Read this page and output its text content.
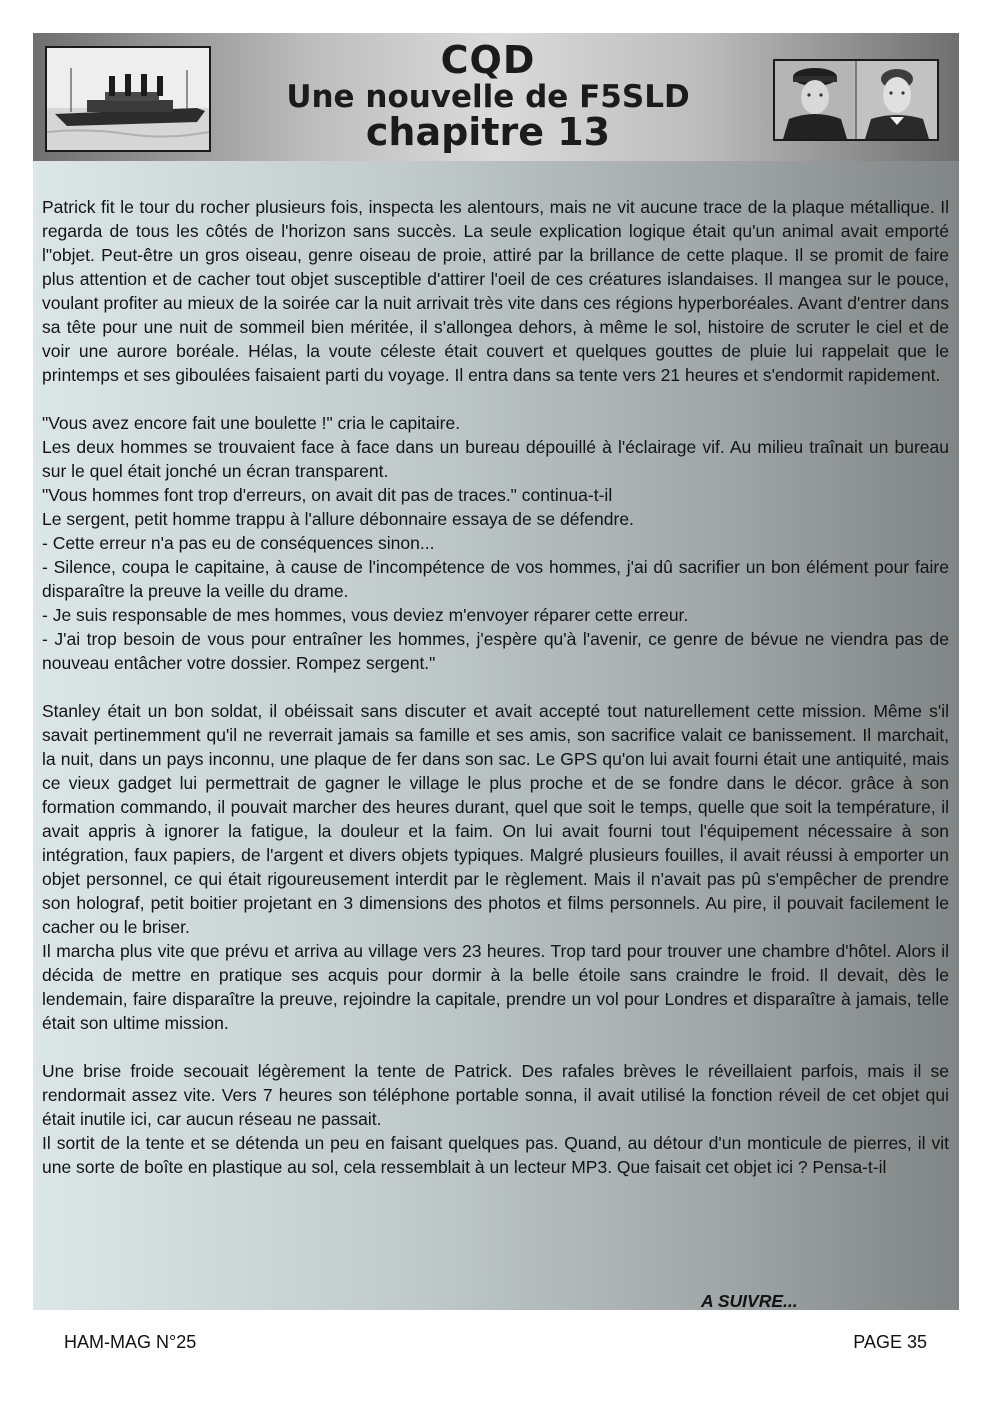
CQD
Une nouvelle de F5SLD
chapitre 13

Patrick fit le tour du rocher plusieurs fois, inspecta les alentours, mais ne vit aucune trace de la plaque métallique. Il regarda de tous les côtés de l'horizon sans succès. La seule explication logique était qu'un animal avait emporté l"objet. Peut-être un gros oiseau, genre oiseau de proie, attiré par la brillance de cette plaque. Il se promit de faire plus attention et de cacher tout objet susceptible d'attirer l'oeil de ces créatures islandaises. Il mangea sur le pouce, voulant profiter au mieux de la soirée car la nuit arrivait très vite dans ces régions hyperboréales. Avant d'entrer dans sa tête pour une nuit de sommeil bien méritée, il s'allongea dehors, à même le sol, histoire de scruter le ciel et de voir une aurore boréale. Hélas, la voute céleste était couvert et quelques gouttes de pluie lui rappelait que le printemps et ses giboulées faisaient parti du voyage. Il entra dans sa tente vers 21 heures et s'endormit rapidement.

"Vous avez encore fait une boulette !" cria le capitaire.
Les deux hommes se trouvaient face à face dans un bureau dépouillé à l'éclairage vif. Au milieu traînait un bureau sur le quel était jonché un écran transparent.
"Vous hommes font trop d'erreurs, on avait dit pas de traces." continua-t-il
Le sergent, petit homme trappu à l'allure débonnaire essaya de se défendre.
- Cette erreur n'a pas eu de conséquences sinon...
- Silence, coupa le capitaine, à cause de l'incompétence de vos hommes, j'ai dû sacrifier un bon élément pour faire disparaître la preuve la veille du drame.
- Je suis responsable de mes hommes, vous deviez m'envoyer réparer cette erreur.
- J'ai trop besoin de vous pour entraîner les hommes, j'espère qu'à l'avenir, ce genre de bévue ne viendra pas de nouveau entâcher votre dossier. Rompez sergent."

Stanley était un bon soldat, il obéissait sans discuter et avait accepté tout naturellement cette mission. Même s'il savait pertinemment qu'il ne reverrait jamais sa famille et ses amis, son sacrifice valait ce banissement. Il marchait, la nuit, dans un pays inconnu, une plaque de fer dans son sac. Le GPS qu'on lui avait fourni était une antiquité, mais ce vieux gadget lui permettrait de gagner le village le plus proche et de se fondre dans le décor. grâce à son formation commando, il pouvait marcher des heures durant, quel que soit le temps, quelle que soit la température, il avait appris à ignorer la fatigue, la douleur et la faim. On lui avait fourni tout l'équipement nécessaire à son intégration, faux papiers, de l'argent et divers objets typiques. Malgré plusieurs fouilles, il avait réussi à emporter un objet personnel, ce qui était rigoureusement interdit par le règlement. Mais il n'avait pas pû s'empêcher de prendre son holograf, petit boitier projetant en 3 dimensions des photos et films personnels. Au pire, il pouvait facilement le cacher ou le briser.

Il marcha plus vite que prévu et arriva au village vers 23 heures. Trop tard pour trouver une chambre d'hôtel. Alors il décida de mettre en pratique ses acquis pour dormir à la belle étoile sans craindre le froid. Il devait, dès le lendemain, faire disparaître la preuve, rejoindre la capitale, prendre un vol pour Londres et disparaître à jamais, telle était son ultime mission.

Une brise froide secouait légèrement la tente de Patrick. Des rafales brèves le réveillaient parfois, mais il se rendormait assez vite. Vers 7 heures son téléphone portable sonna, il avait utilisé la fonction réveil de cet objet qui était inutile ici, car aucun réseau ne passait.

Il sortit de la tente et se détenda un peu en faisant quelques pas. Quand, au détour d'un monticule de pierres, il vit une sorte de boîte en plastique au sol, cela ressemblait à un lecteur MP3. Que faisait cet objet ici ? Pensa-t-il

A SUIVRE...
HAM-MAG N°25	PAGE 35
